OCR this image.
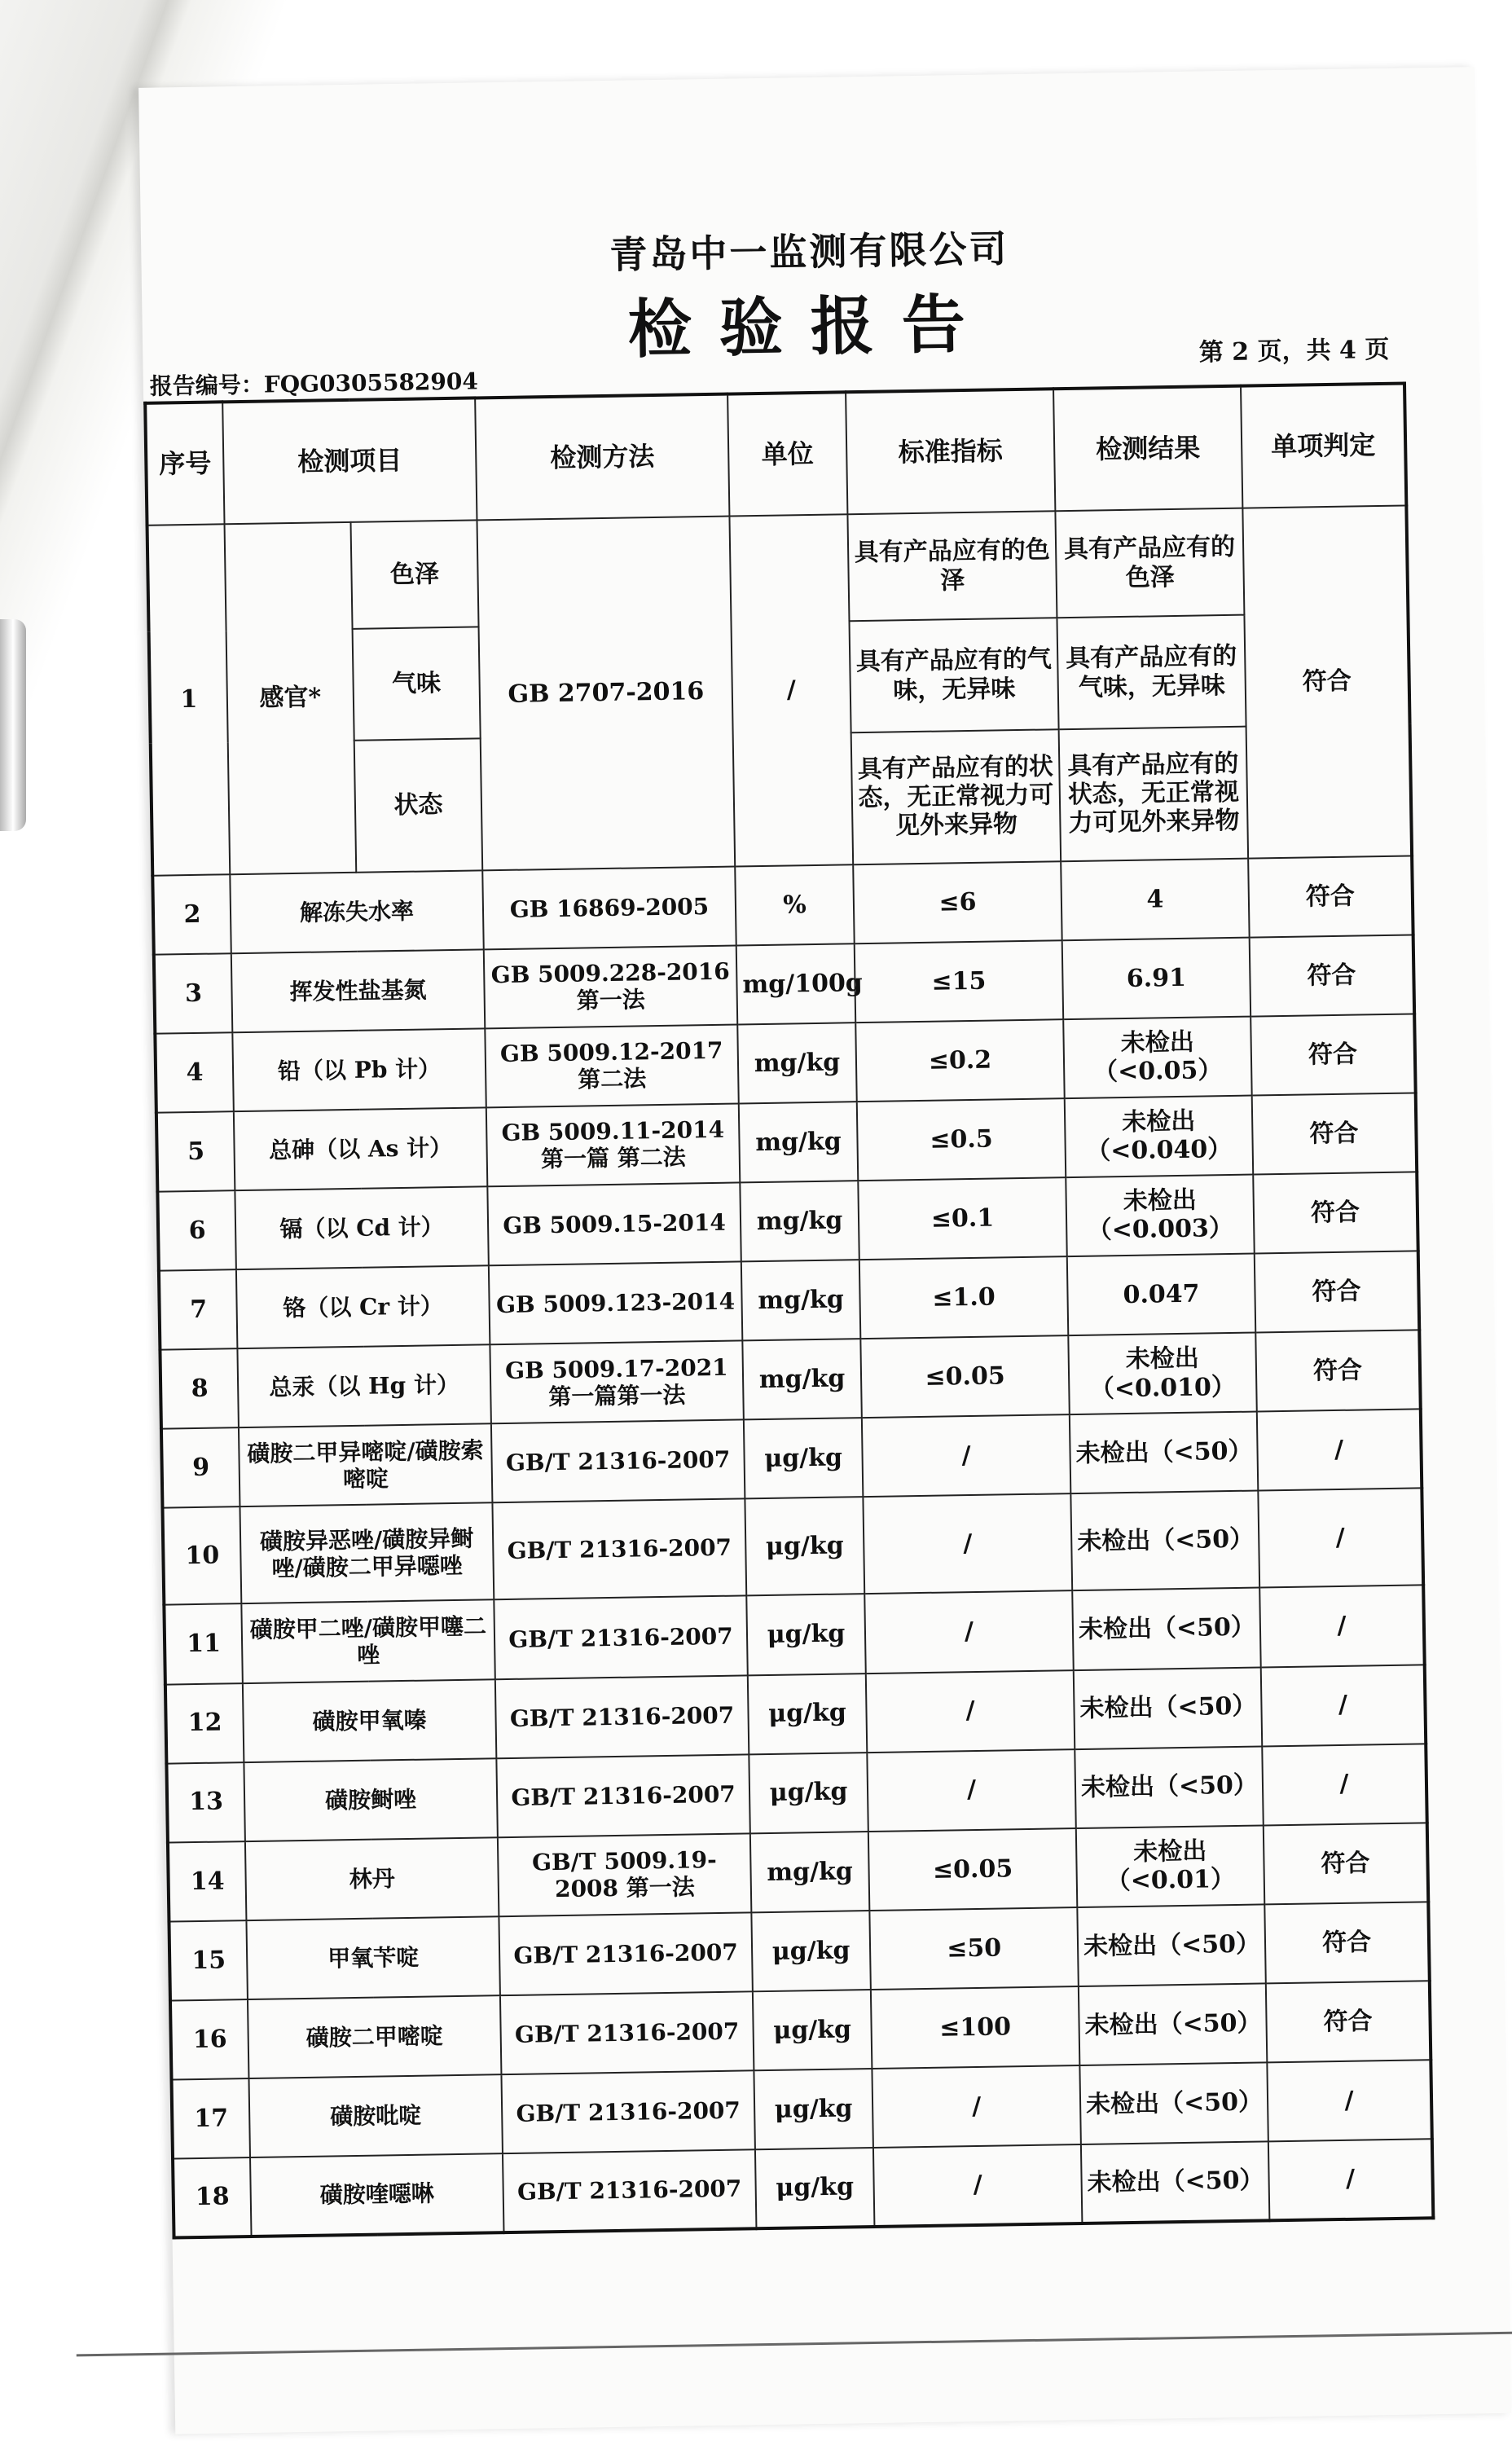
青岛中一监测有限公司
检验报告
报告编号：FQG0305582904
第 2 页，共 4 页
序号	检测项目		检测方法	单位	标准指标	检测结果	单项判定
1	感官*	色泽	GB 2707-2016	/	具有产品应有的色泽	具有产品应有的色泽	符合
		气味			具有产品应有的气味，无异味	具有产品应有的气味，无异味	
		状态			具有产品应有的状态，无正常视力可见外来异物	具有产品应有的状态，无正常视力可见外来异物	
2	解冻失水率		GB 16869-2005	%	≤6	4	符合
3	挥发性盐基氮		GB 5009.228-2016 第一法	mg/100g	≤15	6.91	符合
4	铅（以 Pb 计）		GB 5009.12-2017 第二法	mg/kg	≤0.2	未检出（<0.05）	符合
5	总砷（以 As 计）		GB 5009.11-2014 第一篇 第二法	mg/kg	≤0.5	未检出（<0.040）	符合
6	镉（以 Cd 计）		GB 5009.15-2014	mg/kg	≤0.1	未检出（<0.003）	符合
7	铬（以 Cr 计）		GB 5009.123-2014	mg/kg	≤1.0	0.047	符合
8	总汞（以 Hg 计）		GB 5009.17-2021 第一篇第一法	mg/kg	≤0.05	未检出（<0.010）	符合
9	磺胺二甲异嘧啶/磺胺索嘧啶		GB/T 21316-2007	μg/kg	/	未检出（<50）	/
10	磺胺异恶唑/磺胺异鲥唑/磺胺二甲异噁唑		GB/T 21316-2007	μg/kg	/	未检出（<50）	/
11	磺胺甲二唑/磺胺甲噻二唑		GB/T 21316-2007	μg/kg	/	未检出（<50）	/
12	磺胺甲氧嗪		GB/T 21316-2007	μg/kg	/	未检出（<50）	/
13	磺胺鲥唑		GB/T 21316-2007	μg/kg	/	未检出（<50）	/
14	林丹		GB/T 5009.19-2008 第一法	mg/kg	≤0.05	未检出（<0.01）	符合
15	甲氧苄啶		GB/T 21316-2007	μg/kg	≤50	未检出（<50）	符合
16	磺胺二甲嘧啶		GB/T 21316-2007	μg/kg	≤100	未检出（<50）	符合
17	磺胺吡啶		GB/T 21316-2007	μg/kg	/	未检出（<50）	/
18	磺胺喹噁啉		GB/T 21316-2007	μg/kg	/	未检出（<50）	/
